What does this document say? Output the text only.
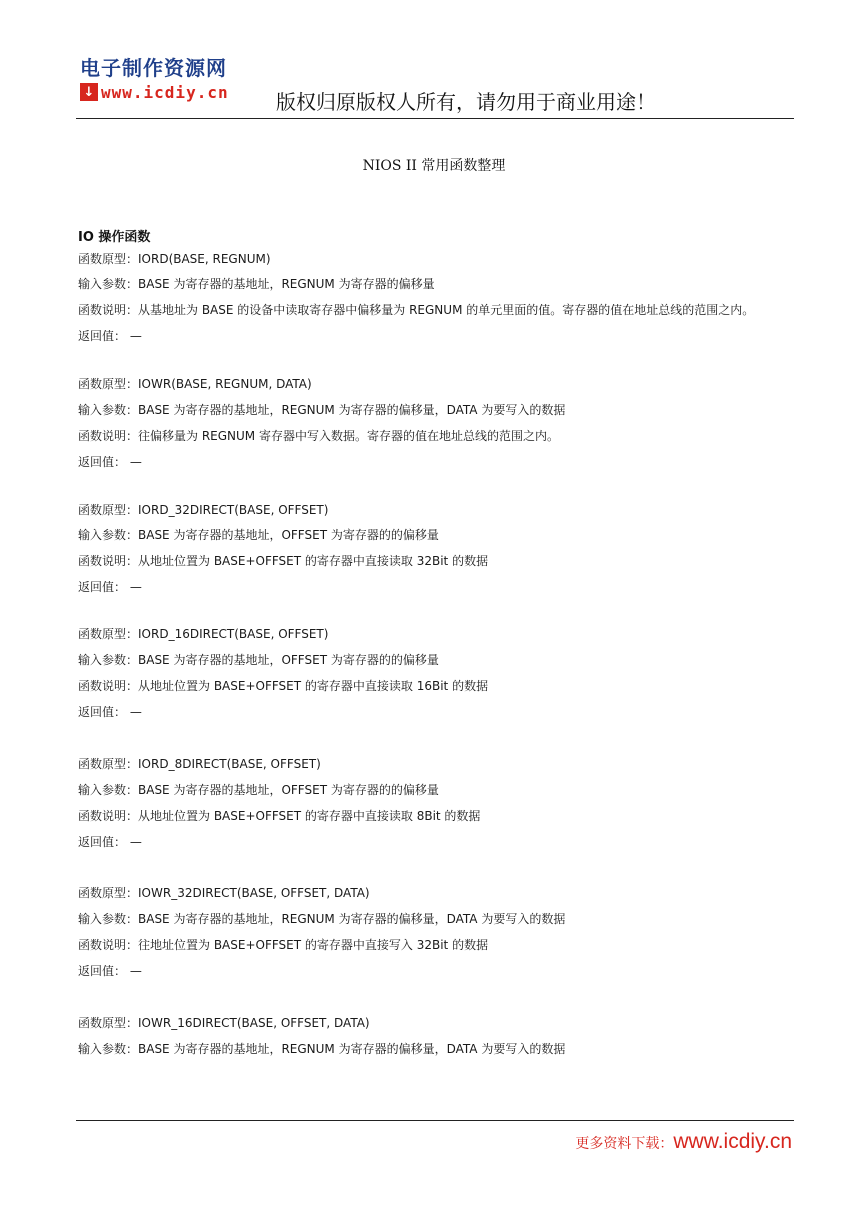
电子制作资源网
↓ www.icdiy.cn 版权归原版权人所有，请勿用于商业用途！
NIOS II 常用函数整理
IO 操作函数
函数原型：IORD(BASE, REGNUM)
输入参数：BASE 为寄存器的基地址，REGNUM 为寄存器的偏移量
函数说明：从基地址为 BASE 的设备中读取寄存器中偏移量为 REGNUM 的单元里面的值。寄存器的值在地址总线的范围之内。
返回值： —
函数原型：IOWR(BASE, REGNUM, DATA)
输入参数：BASE 为寄存器的基地址，REGNUM 为寄存器的偏移量，DATA 为要写入的数据
函数说明：往偏移量为 REGNUM 寄存器中写入数据。寄存器的值在地址总线的范围之内。
返回值： —
函数原型：IORD_32DIRECT(BASE, OFFSET)
输入参数：BASE 为寄存器的基地址，OFFSET 为寄存器的的偏移量
函数说明：从地址位置为 BASE+OFFSET 的寄存器中直接读取 32Bit 的数据
返回值： —
函数原型：IORD_16DIRECT(BASE, OFFSET)
输入参数：BASE 为寄存器的基地址，OFFSET 为寄存器的的偏移量
函数说明：从地址位置为 BASE+OFFSET 的寄存器中直接读取 16Bit 的数据
返回值： —
函数原型：IORD_8DIRECT(BASE, OFFSET)
输入参数：BASE 为寄存器的基地址，OFFSET 为寄存器的的偏移量
函数说明：从地址位置为 BASE+OFFSET 的寄存器中直接读取 8Bit 的数据
返回值： —
函数原型：IOWR_32DIRECT(BASE, OFFSET, DATA)
输入参数：BASE 为寄存器的基地址，REGNUM 为寄存器的偏移量，DATA 为要写入的数据
函数说明：往地址位置为 BASE+OFFSET 的寄存器中直接写入 32Bit 的数据
返回值： —
函数原型：IOWR_16DIRECT(BASE, OFFSET, DATA)
输入参数：BASE 为寄存器的基地址，REGNUM 为寄存器的偏移量，DATA 为要写入的数据
更多资料下载： www.icdiy.cn
